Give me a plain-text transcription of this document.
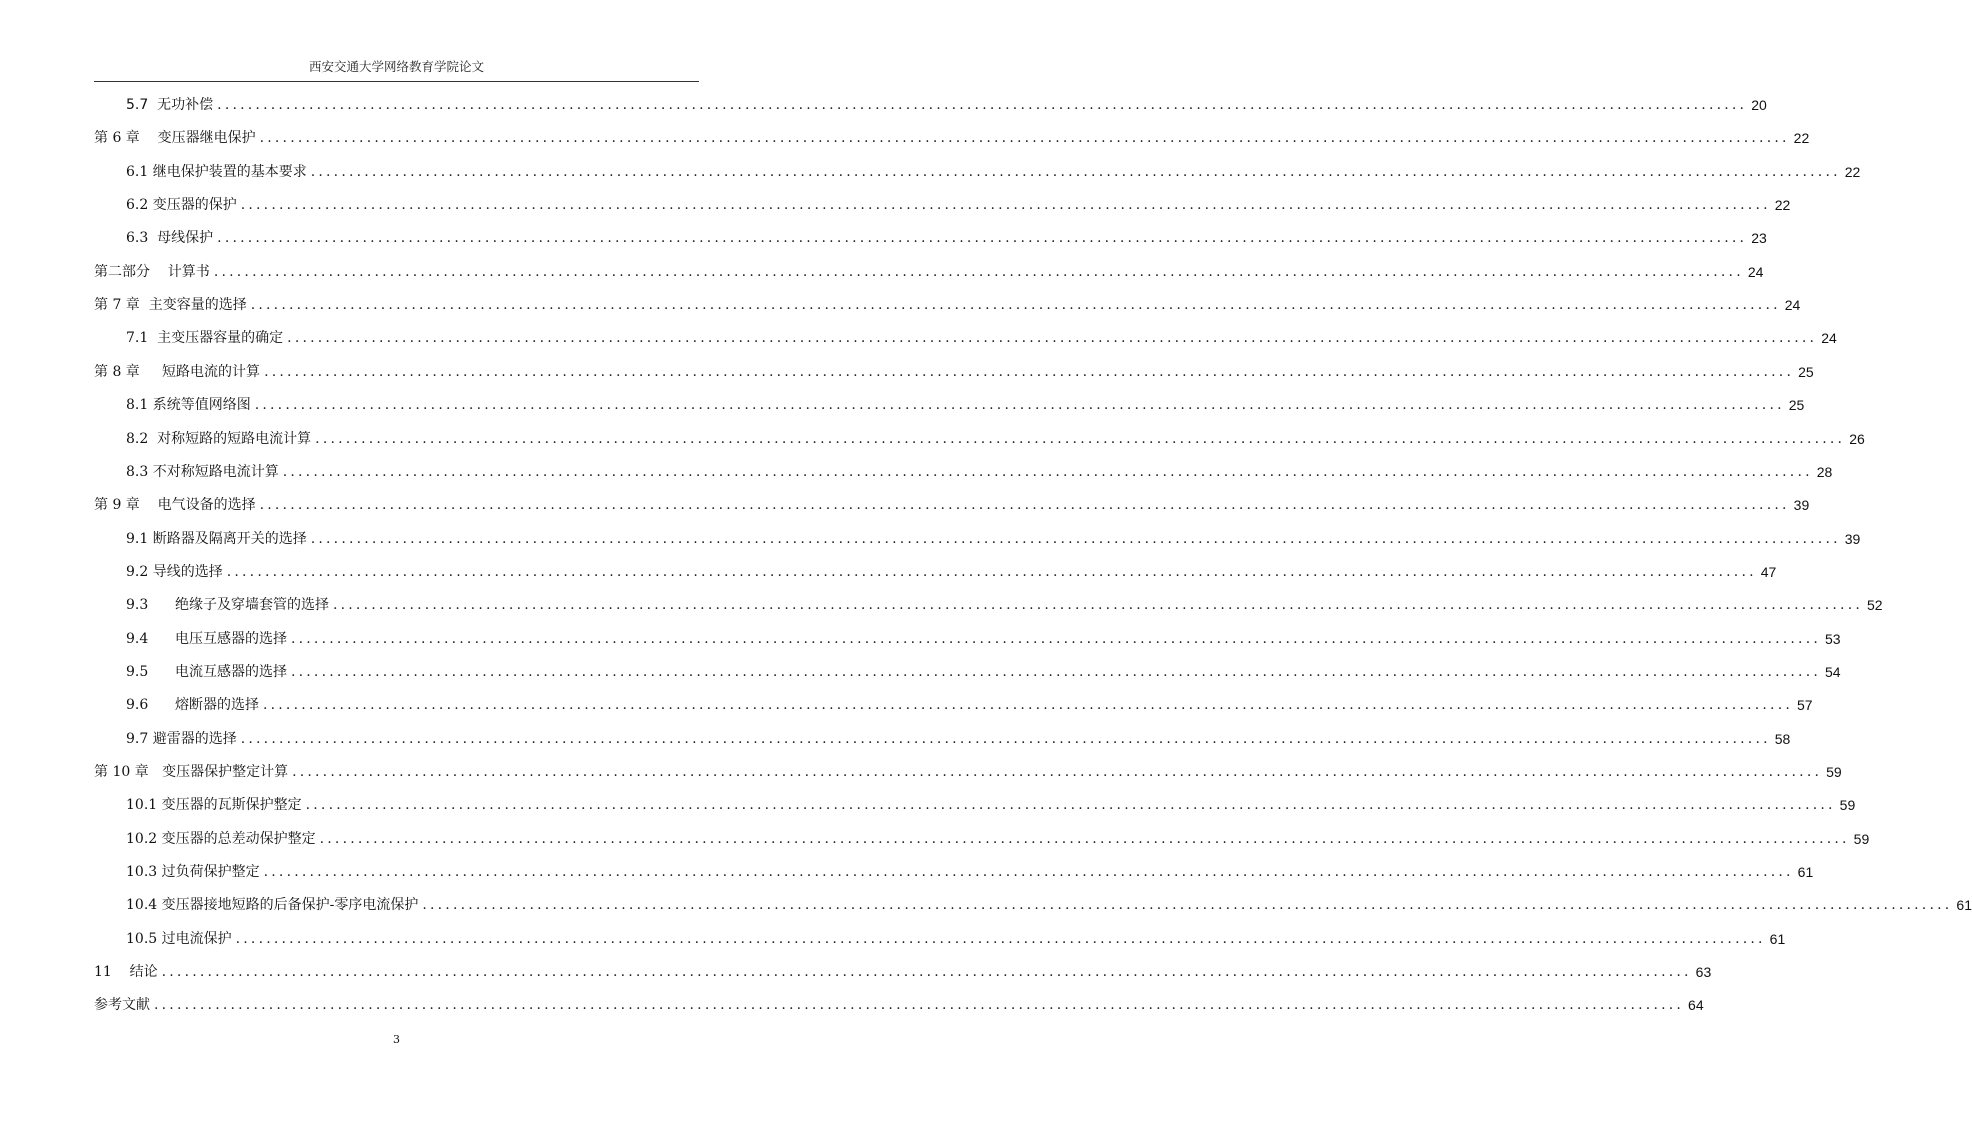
西安交通大学网络教育学院论文
5.7  无功补偿 ........................................................................................................................................................................................................ 20
第 6 章    变压器继电保护 ........................................................................................................................................................................................................ 22
6.1 继电保护装置的基本要求 ........................................................................................................................................................................................................ 22
6.2 变压器的保护 ........................................................................................................................................................................................................ 22
6.3  母线保护 ........................................................................................................................................................................................................ 23
第二部分    计算书 ........................................................................................................................................................................................................ 24
第 7 章  主变容量的选择 ........................................................................................................................................................................................................ 24
7.1  主变压器容量的确定 ........................................................................................................................................................................................................ 24
第 8 章     短路电流的计算 ........................................................................................................................................................................................................ 25
8.1 系统等值网络图 ........................................................................................................................................................................................................ 25
8.2  对称短路的短路电流计算 ........................................................................................................................................................................................................ 26
8.3 不对称短路电流计算 ........................................................................................................................................................................................................ 28
第 9 章    电气设备的选择 ........................................................................................................................................................................................................ 39
9.1 断路器及隔离开关的选择 ........................................................................................................................................................................................................ 39
9.2 导线的选择 ........................................................................................................................................................................................................ 47
9.3      绝缘子及穿墙套管的选择 ........................................................................................................................................................................................................ 52
9.4      电压互感器的选择 ........................................................................................................................................................................................................ 53
9.5      电流互感器的选择 ........................................................................................................................................................................................................ 54
9.6      熔断器的选择 ........................................................................................................................................................................................................ 57
9.7 避雷器的选择 ........................................................................................................................................................................................................ 58
第 10 章   变压器保护整定计算 ........................................................................................................................................................................................................ 59
10.1 变压器的瓦斯保护整定 ........................................................................................................................................................................................................ 59
10.2 变压器的总差动保护整定 ........................................................................................................................................................................................................ 59
10.3 过负荷保护整定 ........................................................................................................................................................................................................ 61
10.4 变压器接地短路的后备保护-零序电流保护 ........................................................................................................................................................................................................ 61
10.5 过电流保护 ........................................................................................................................................................................................................ 61
11    结论 ........................................................................................................................................................................................................ 63
参考文献 ........................................................................................................................................................................................................ 64
3
